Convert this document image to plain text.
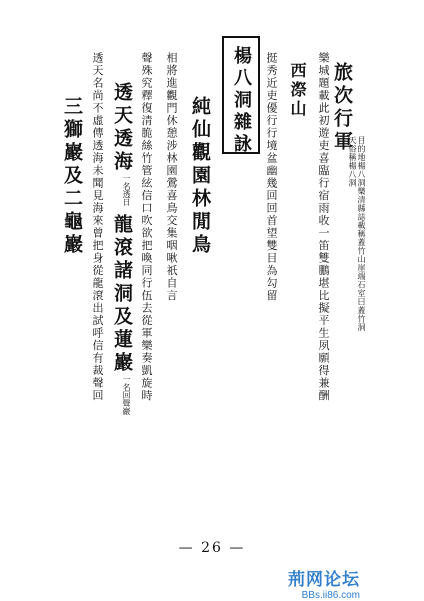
旅次行軍
目的地楊八洞樂清縣誌載稱蓋竹山崖端石室曰蓋竹洞天俗稱楊八洞
樂城題載此初遊吏喜臨行宿雨收一笛雙鵬堪比擬平生夙願得兼酬
西漈山
挺秀近吏優行行境盆幽幾回回首望雙目為勾留
楊八洞雜詠
純仙觀園林閒鳥
相將進觀門休憩涉林園鶯喜鳥交集咽啾祇自言
聲殊究釋復清脆絲竹管絃信口吹欲把喚同行伍去從軍樂奏凱旋時
透天透海一名透日龍滾諸洞及蓮巖一名回聲巖
三獅巖及二龜巖 透天名尚不虛傳透海未聞見海來曾把身從龍滾出試呼信有裁聲回
— 26 —
荊网论坛
BBs.ii86.com
